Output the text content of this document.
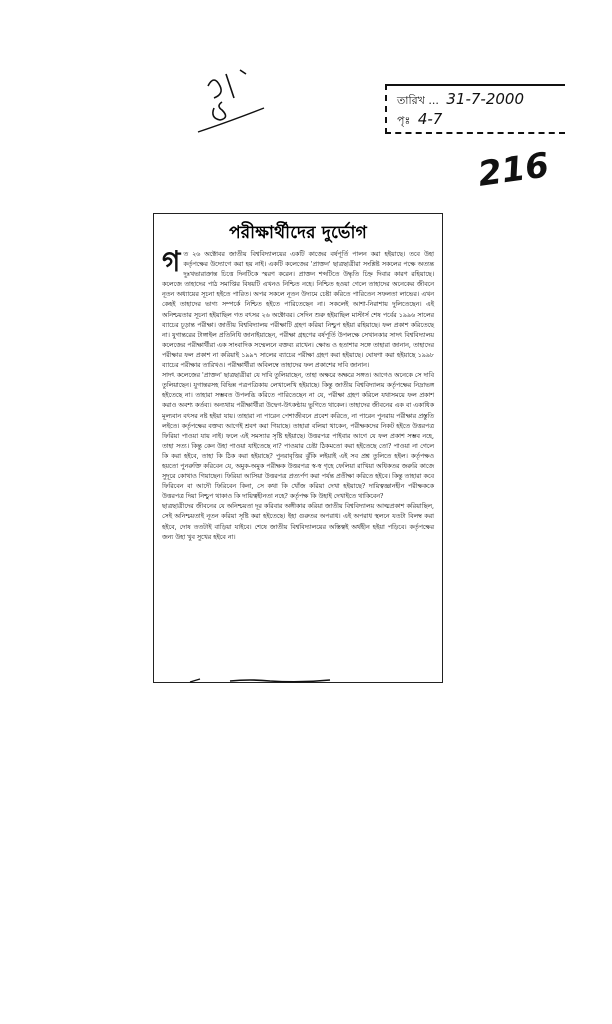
ঋ/৪
তারিখ ... 31-7-2000
পৃঃ 4-7
216
পরীক্ষার্থীদের দুর্ভোগ
গ ত ২৬ অক্টোবর জাতীয় বিশ্ববিদ্যালয়ের একটি কাজের বর্ষপূর্তি পালন করা হইয়াছে। তবে উহা কর্তৃপক্ষের উদ্যোগে করা হয় নাই। একটি কলেজের 'প্রাক্তন' ছাত্রছাত্রীরা সংশ্লিষ্ট সকলের পক্ষে অত্যন্ত দুঃখভারাক্রান্ত চিত্তে দিনটিকে স্মরণ করেন। প্রাক্তন শব্দটিতে উদ্ধৃতি চিহ্ন দিবার কারণ রহিয়াছে। কলেজে তাহাদের পাঠ সমাপ্তির বিষয়টি এখনও নিশ্চিত নহে। নিশ্চিত হওয়া গেলে তাহাদের অনেকের জীবনে নূতন অধ্যায়ের সূচনা হইতে পারিত। অপর সকলে নূতন উদ্যমে চেষ্টা করিতে পারিতেন সফলতা লাভের। এখন কেহই তাহাদের ভাগ্য সম্পর্কে নিশ্চিত হইতে পারিতেছেন না। সকলেই আশা-নিরাশায় দুলিতেছেন। এই অনিশ্চয়তার সূচনা হইয়াছিল গত বৎসর ২৬ অক্টোবর। সেদিন শুরু হইয়াছিল মাস্টার্স শেষ পর্বের ১৯৯৬ সালের ব্যাচের চূড়ান্ত পরীক্ষা। জাতীয় বিশ্ববিদ্যালয় পরীক্ষাটি গ্রহণ করিয়া নিশ্চুপ হইয়া রহিয়াছে। ফল প্রকাশ করিতেছে না। যুগান্তরের টাঙ্গাইল প্রতিনিধি জানাইয়াছেন, পরীক্ষা গ্রহণের বর্ষপূর্তি উপলক্ষে সেখানকার সাদৎ বিশ্ববিদ্যালয় কলেজের পরীক্ষার্থীরা এক সাংবাদিক সম্মেলনে বক্তব্য রাখেন। ক্ষোভ ও হতাশার সঙ্গে তাহারা জানান, তাহাদের পরীক্ষার ফল প্রকাশ না করিয়াই ১৯৯৭ সালের ব্যাচের পরীক্ষা গ্রহণ করা হইয়াছে। ঘোষণা করা হইয়াছে ১৯৯৮ ব্যাচের পরীক্ষার তারিখও। পরীক্ষার্থীরা অবিলম্বে তাহাদের ফল প্রকাশের দাবি জানান।

সাদৎ কলেজের 'প্রাক্তন' ছাত্রছাত্রীরা যে দাবি তুলিয়াছেন, তাহা অক্ষরে অক্ষরে সঙ্গত। আগেও অনেকে সে দাবি তুলিয়াছেন। যুগান্তরসহ বিভিন্ন পত্রপত্রিকায় লেখালেখি হইয়াছে। কিন্তু জাতীয় বিশ্ববিদ্যালয় কর্তৃপক্ষের নিদ্রাভঙ্গ হইতেছে না। তাহারা সম্ভবত উপলব্ধি করিতে পারিতেছেন না যে, পরীক্ষা গ্রহণ করিলে যথাসময়ে ফল প্রকাশ করাও অবশ্য কর্তব্য। অন্যথায় পরীক্ষার্থীরা উদ্বেগ-উৎকণ্ঠায় ভুগিতে থাকেন। তাহাদের জীবনের এক বা একাধিক মূল্যবান বৎসর নষ্ট হইয়া যায়। তাহারা না পারেন পেশাজীবনে প্রবেশ করিতে, না পারেন পুনরায় পরীক্ষার প্রস্তুতি লইতে। কর্তৃপক্ষের বক্তব্য আগেই শ্রবণ করা গিয়াছে। তাহারা বলিয়া থাকেন, পরীক্ষকদের নিকট হইতে উত্তরপত্র ফিরিয়া পাওয়া যায় নাই। ফলে এই সমস্যার সৃষ্টি হইয়াছে। উত্তরপত্র পাইবার আগে যে ফল প্রকাশ সম্ভব নহে, তাহা সত্য। কিন্তু কেন উহা পাওয়া যাইতেছে না? পাওয়ার চেষ্টা ঠিকমতো করা হইতেছে তো? পাওয়া না গেলে কি করা হইবে, তাহা কি ঠিক করা হইয়াছে? পুনরাবৃত্তির ঝুঁকি লইয়াই এই সব প্রশ্ন তুলিতে হইল। কর্তৃপক্ষও হয়তো পুনরুক্তি করিবেন যে, অমুক-অমুক পরীক্ষক উত্তরপত্র স্ব-স্ব গৃহে ফেলিয়া রাখিয়া অধিকতর জরুরি কাজে সুদূরে কোথাও গিয়াছেন। ফিরিয়া আসিয়া উত্তরপত্র প্রত্যর্পণ করা পর্যন্ত প্রতীক্ষা করিতে হইবে। কিন্তু তাহারা কবে ফিরিবেন বা আদৌ ফিরিবেন কিনা, সে কথা কি খোঁজ করিয়া দেখা হইয়াছে? দায়িত্বজ্ঞানহীন পরীক্ষককে উত্তরপত্র দিয়া নিশ্চুপ থাকাও কি দায়িত্বহীনতা নহে? কর্তৃপক্ষ কি উহাই দেখাইতে থাকিবেন?

ছাত্রছাত্রীদের জীবনের যে অনিশ্চয়তা দূর করিবার অঙ্গীকার করিয়া জাতীয় বিশ্ববিদ্যালয় আত্মপ্রকাশ করিয়াছিল, সেই অনিশ্চয়তাই নূতন করিয়া সৃষ্টি করা হইতেছে। ইহা গুরুতর অপরাধ। এই অপরাধ স্থলনে যতটা বিলম্ব করা হইবে, দোষ ততটাই বাড়িয়া যাইবে। শেষে জাতীয় বিশ্ববিদ্যালয়ের অস্তিত্বই অর্থহীন হইয়া পড়িবে। কর্তৃপক্ষের জন্য উহা খুব সুখের হইবে না।
